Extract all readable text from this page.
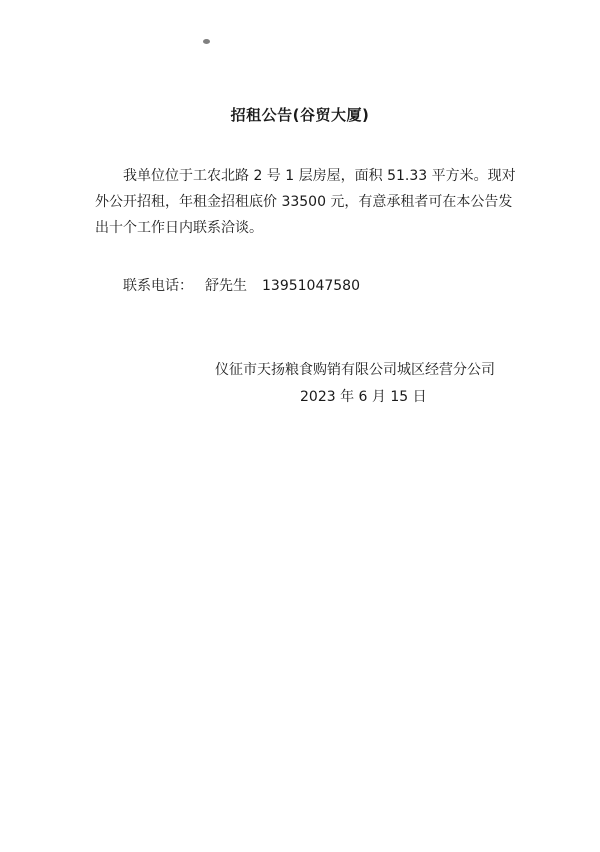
招租公告(谷贸大厦)

我单位位于工农北路 2 号 1 层房屋，面积 51.33 平方米。现对外公开招租，年租金招租底价 33500 元，有意承租者可在本公告发出十个工作日内联系洽谈。

联系电话： 舒先生 13951047580
仪征市天扬粮食购销有限公司城区经营分公司
2023 年 6 月 15 日
